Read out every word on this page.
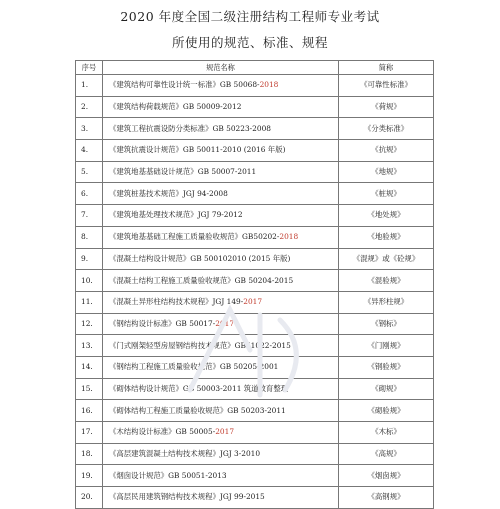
2020 年度全国二级注册结构工程师专业考试
所使用的规范、标准、规程
序号	规范名称	简称
1.	《建筑结构可靠性设计统一标准》GB 50068-2018	《可靠性标准》
2.	《建筑结构荷载规范》GB 50009-2012	《荷规》
3.	《建筑工程抗震设防分类标准》GB 50223-2008	《分类标准》
4.	《建筑抗震设计规范》GB 50011-2010 (2016 年版)	《抗规》
5.	《建筑地基基础设计规范》GB 50007-2011	《地规》
6.	《建筑桩基技术规范》JGJ 94-2008	《桩规》
7.	《建筑地基处理技术规范》JGJ 79-2012	《地处规》
8.	《建筑地基基础工程施工质量验收规范》GB50202-2018	《地验规》
9.	《混凝土结构设计规范》GB 500102010 (2015 年版)	《混规》或《砼规》
10.	《混凝土结构工程施工质量验收规范》GB 50204-2015	《混验规》
11.	《混凝土异形柱结构技术规程》JGJ 149-2017	《异形柱规》
12.	《钢结构设计标准》GB 50017-2017	《钢标》
13.	《门式刚架轻型房屋钢结构技术规范》GB51022-2015	《门刚规》
14.	《钢结构工程施工质量验收规范》GB 50205-2001	《钢验规》
15.	《砌体结构设计规范》GB 50003-2011 筑道教育整理	《砌规》
16.	《砌体结构工程施工质量验收规范》GB 50203-2011	《砌验规》
17.	《木结构设计标准》GB 50005-2017	《木标》
18.	《高层建筑混凝土结构技术规程》JGJ 3-2010	《高规》
19.	《烟囱设计规范》GB 50051-2013	《烟囱规》
20.	《高层民用建筑钢结构技术规程》JGJ 99-2015	《高钢规》
